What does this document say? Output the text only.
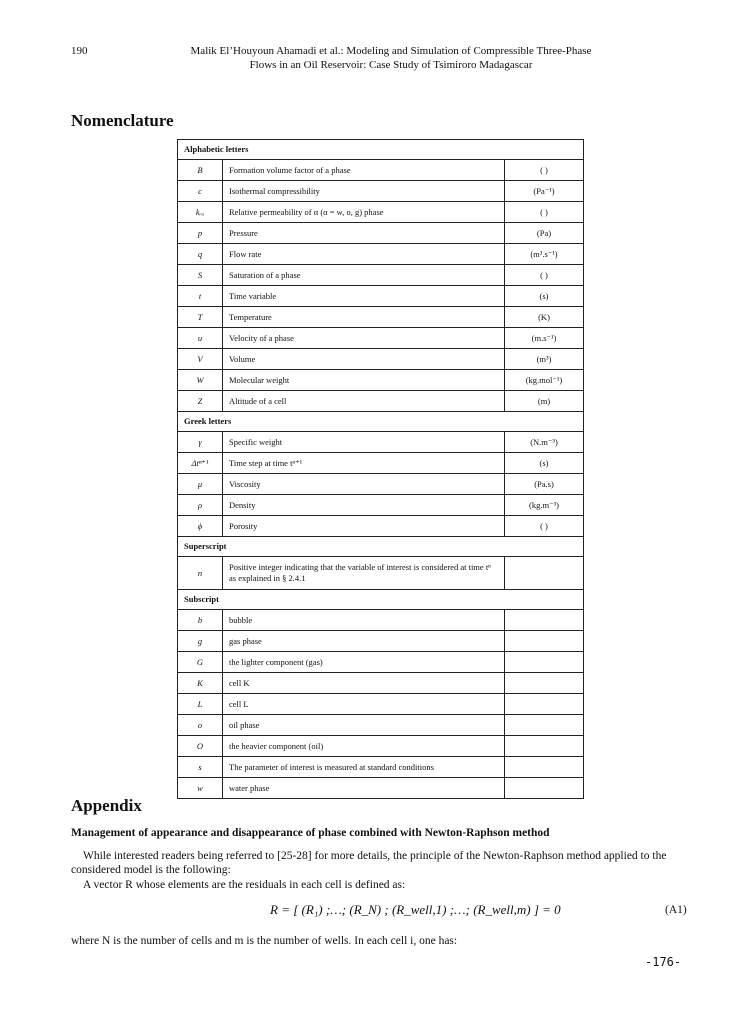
190	Malik El’Houyoun Ahamadi et al.: Modeling and Simulation of Compressible Three-Phase
Flows in an Oil Reservoir: Case Study of Tsimiroro Madagascar
Nomenclature
Alphabetic letters		
B	Formation volume factor of a phase	( )
c	Isothermal compressibility	(Pa⁻¹)
kᵣₐ	Relative permeability of α (α = w, o, g) phase	( )
p	Pressure	(Pa)
q	Flow rate	(m³.s⁻¹)
S	Saturation of a phase	( )
t	Time variable	(s)
T	Temperature	(K)
u	Velocity of a phase	(m.s⁻¹)
V	Volume	(m³)
W	Molecular weight	(kg.mol⁻¹)
Z	Altitude of a cell	(m)
Greek letters		
γ	Specific weight	(N.m⁻³)
Δtⁿ⁺¹	Time step at time tⁿ⁺¹	(s)
μ	Viscosity	(Pa.s)
ρ	Density	(kg.m⁻³)
ϕ	Porosity	( )
Superscript		
n	Positive integer indicating that the variable of interest is considered at time tⁿ as explained in § 2.4.1	
Subscript		
b	bubble	
g	gas phase	
G	the lighter component (gas)	
K	cell K	
L	cell L	
o	oil phase	
O	the heavier component (oil)	
s	The parameter of interest is measured at standard conditions	
w	water phase	
Appendix
Management of appearance and disappearance of phase combined with Newton-Raphson method
While interested readers being referred to [25-28] for more details, the principle of the Newton-Raphson method applied to the considered model is the following:
A vector R whose elements are the residuals in each cell is defined as:
R = [ (R₁) ;…; (R_N) ; (R_well,1) ;…; (R_well,m) ] = 0	(A1)
where N is the number of cells and m is the number of wells. In each cell i, one has:
-176-
